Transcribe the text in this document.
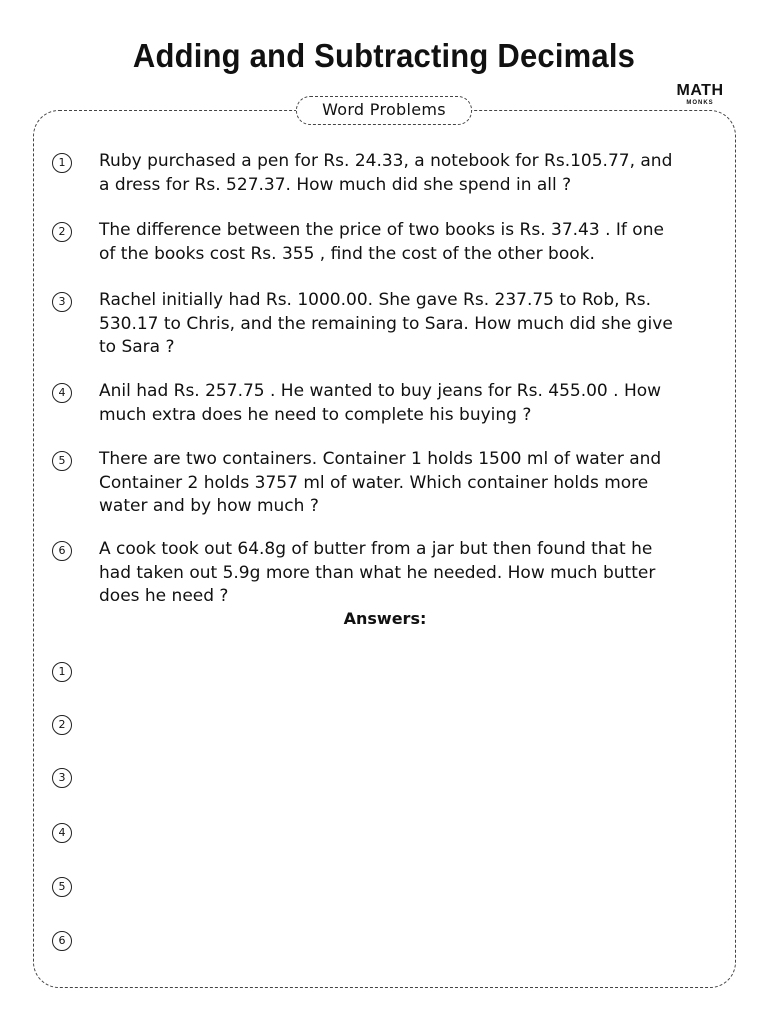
Adding and Subtracting Decimals
MATH
MONKS
Word Problems
1	Ruby purchased a pen for Rs. 24.33, a notebook for Rs.105.77, and
a dress for Rs. 527.37. How much did she spend in all ?
2	The difference between the price of two books is Rs. 37.43 . If one
of the books cost Rs. 355 , find the cost of the other book.
3	Rachel initially had Rs. 1000.00. She gave Rs. 237.75 to Rob, Rs.
530.17 to Chris, and the remaining to Sara. How much did she give
to Sara ?
4	Anil had Rs. 257.75 . He wanted to buy jeans for Rs. 455.00 . How
much extra does he need to complete his buying ?
5	There are two containers. Container 1 holds 1500 ml of water and
Container 2 holds 3757 ml of water. Which container holds more
water and by how much ?
6	A cook took out 64.8g of butter from a jar but then found that he
had taken out 5.9g more than what he needed. How much butter
does he need ?
Answers:
1
2
3
4
5
6
